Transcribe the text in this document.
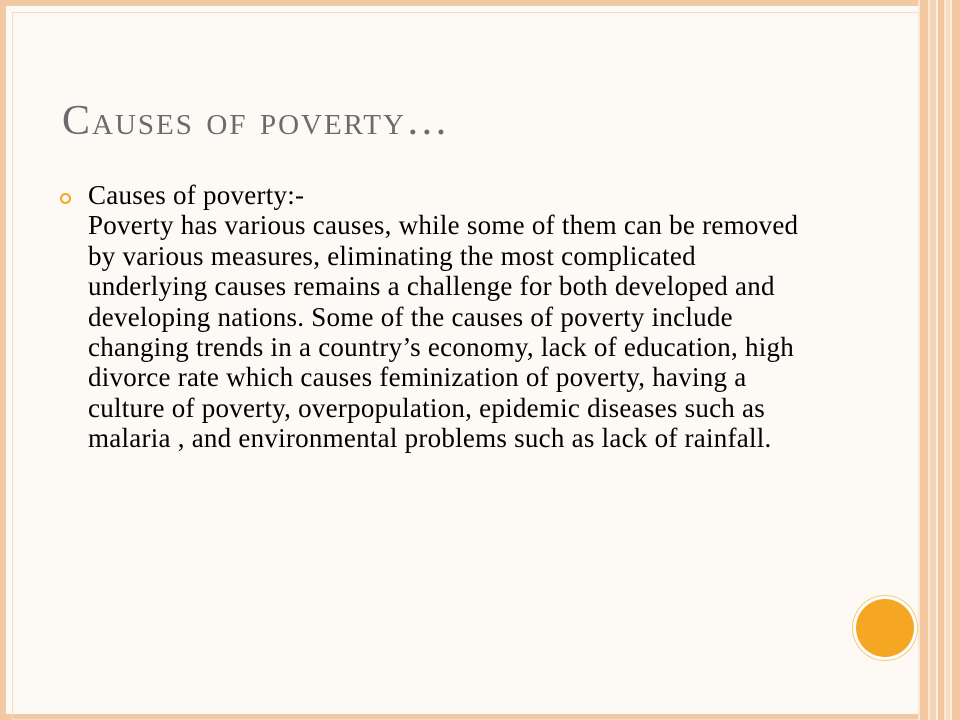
Causes of poverty…
Causes of poverty:-
Poverty has various causes, while some of them can be removed by various measures, eliminating the most complicated underlying causes remains a challenge for both developed and developing nations. Some of the causes of poverty include changing trends in a country’s economy, lack of education, high divorce rate which causes feminization of poverty, having a culture of poverty, overpopulation, epidemic diseases such as malaria , and environmental problems such as lack of rainfall.
